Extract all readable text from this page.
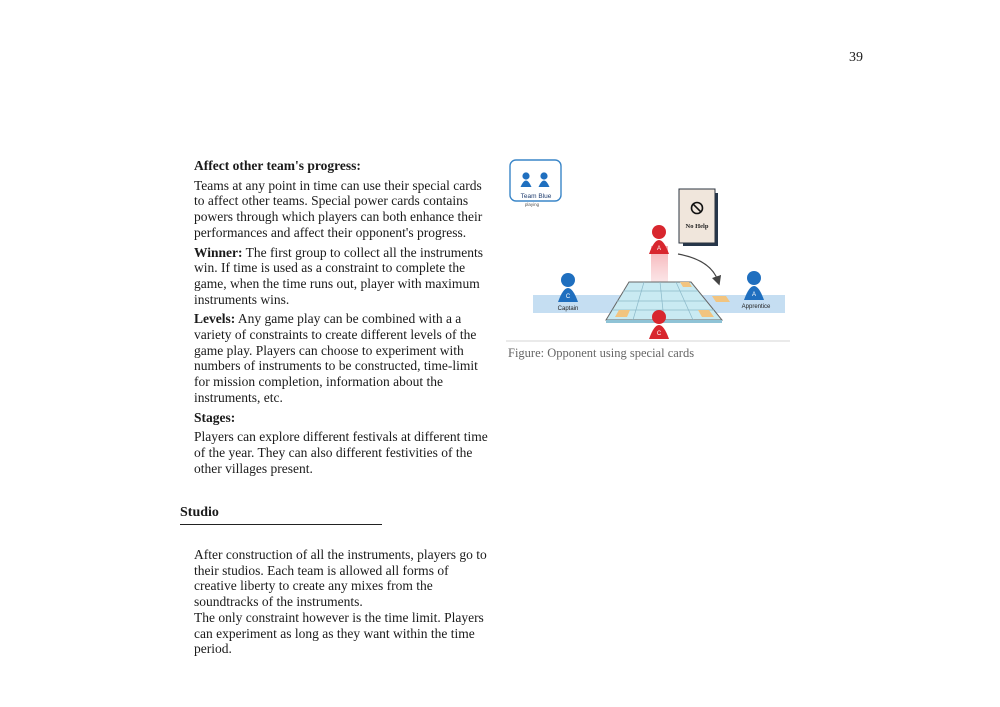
39

Affect other team's progress:

Teams at any point in time can use their special cards to affect other teams. Special power cards contains powers through which players can both enhance their performances and affect their opponent's progress.

Winner: The first group to collect all the instruments win. If time is used as a constraint to complete the game, when the time runs out, player with maximum instruments wins.

Levels: Any game play can be combined with a a variety of constraints to create different levels of the game play. Players can choose to experiment with numbers of instruments to be constructed, time-limit for mission completion, information about the instruments, etc.

Stages:

Players can explore different festivals at different time of the year. They can also different festivities of the other villages present.

Studio

After construction of all the instruments, players go to their studios. Each team is allowed all forms of creative liberty to create any mixes from the soundtracks of the instruments.

The only constraint however is the time limit. Players can experiment as long as they want within the time period.

Team Blue
playing
No Help
A
C
C
Captain
A
Apprentice
Figure: Opponent using special cards
